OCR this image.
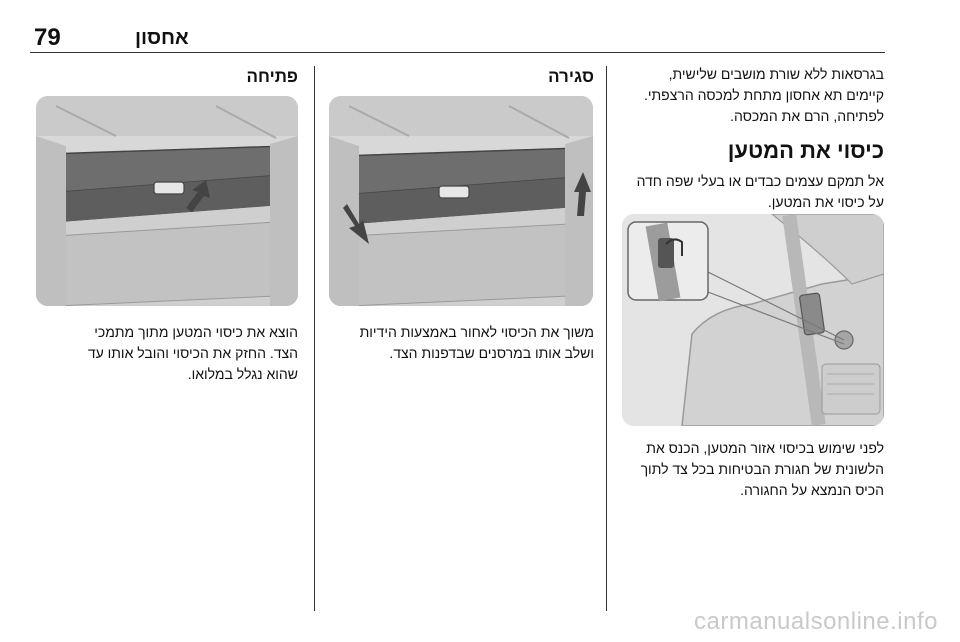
79	אחסון

בגרסאות ללא שורת מושבים שלישית,

קיימים תא אחסון מתחת למכסה הרצפתי.

לפתיחה, הרם את המכסה.

כיסוי את המטען

אל תמקם עצמים כבדים או בעלי שפה חדה

על כיסוי את המטען.

לפני שימוש בכיסוי אזור המטען, הכנס את

הלשונית של חגורת הבטיחות בכל צד לתוך

הכיס הנמצא על החגורה.

סגירה

משוך את הכיסוי לאחור באמצעות הידיות

ושלב אותו במרסנים שבדפנות הצד.

פתיחה

הוצא את כיסוי המטען מתוך מתמכי

הצד. החזק את הכיסוי והובל אותו עד

שהוא נגלל במלואו.

carmanualsonline.info
